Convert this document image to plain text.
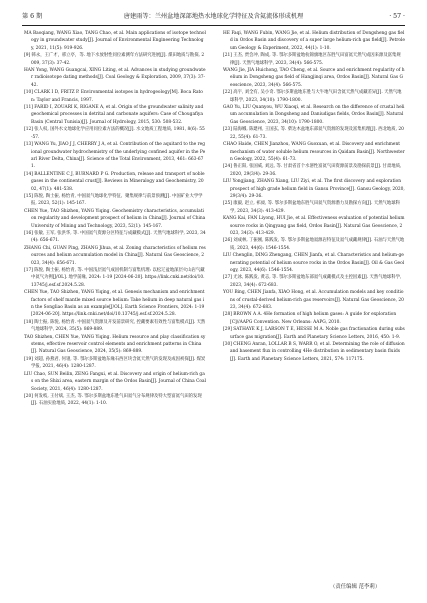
第 6 期	唐建雨等：兰州盆地深部地热水地球化学特征及含氦流体形成机理	· 57 ·

MA Baoqiang, WANG Xiao, TANG Chao, et al. Main applications of isotope technology in groundwater study[J]. Journal of Environmental Engineering Technology, 2021, 11(5): 919-926.

[9] 韩永，王广才，邢立亭，等. 地下水放射性同位素测年方法研究进展[J]. 煤田地质与勘探, 2009, 37(3): 37-42.

HAN Yong, WANG Guangcai, XING Liting, et al. Advances in studying groundwater radioisotope dating methods[J]. Coal Geology & Exploration, 2009, 37(3): 37-42.

[10] CLARK I D, FRITZ P. Environmental isotopes in hydrogeology[M]. Boca Raton: Taylor and Francis, 1997.

[11] FARID I, ZOUARI K, RIGANE A, et al. Origin of the groundwater salinity and geochemical processes in detrital and carbonate aquifers: Case of Chougafiya Basin (Central Tunisia)[J]. Journal of Hydrology, 2015, 530: 508-532.

[12] 张人权, 国外水文地球化学应用同位素方法的概况[J]. 水文地质工程地质, 1981, 8(6): 55-57.

[13] WANG Yu, JIAO J J, CHERRY J A, et al. Contribution of the aquitard to the regional groundwater hydrochemistry of the underlying confined aquifer in the Pearl River Delta, China[J]. Science of the Total Environment, 2013, 461: 663-671.

[14] BALLENTINE C J, BURNARD P G. Production, release and transport of noble gases in the continental crust[J]. Reviews in Mineralogy and Geochemistry, 2002, 47(1): 481-538.

[15] 陈悦, 陶士振, 杨怡青, 中国氦气地球化学特征、聚集规律与前景预测[J]. 中国矿业大学学报, 2023, 52(1): 145-167.

CHEN Yue, TAO Shizhen, YANG Yiqing. Geochemistry characteristics, accumulation regularity and development prospect of helium in China[J]. Journal of China University of Mining and Technology, 2023, 52(1): 145-167.

[16] 张敏, 王军, 张洪华, 等. 中国氦气资源分区特征与成藏模式[J]. 天然气地球科学, 2023, 34(4): 656-671.

ZHANG Chi, GUAN Ping, ZHANG Jihua, et al. Zoning characteristics of helium resources and helium accumulation model in China[J]. Natural Gas Geoscience, 2023, 34(4): 656-671.

[17] 陈悦, 陶士振, 杨怡青, 等. 中国浅层氦气成因机制与富集机理: 以松辽盆地深层火山岩气藏中氦气为例[J/OL]. 地学前缘, 2024: 1-19 [2024-06-20]. https://link.cnki.net/doi/10.13745/j.esf.sf.2024.5.28.

CHEN Yue, TAO Shizhen, YANG Yiqing, et al. Genesis mechanism and enrichment factors of shelf mantle mixed source helium: Take helium in deep natural gas in the Songliao Basin as an example[J/OL]. Earth Science Frontiers, 2024: 1-19 [2024-06-20]. https://link.cnki.net/doi/10.13745/j.esf.sf.2024.5.28.

[18] 陶士振, 陈悦, 杨怡青. 中国氦气资源及开发前景研究, 控藏要素有效性与富集模式[J]. 天然气地球科学, 2024, 35(5): 869-889.

TAO Shizhen, CHEN Yue, YANG Yiqing. Helium resource and play classification systems, effective reservoir control elements and enrichment patterns in China[J]. Natural Gas Geoscience, 2024, 35(5): 869-889.

[19] 刘超, 孙燕君, 何翎, 等. 鄂尔多斯盆地东缘石西区块含氦天然气的发现及成因初探[J]. 煤炭学报, 2021, 46(4): 1280-1287.

LIU Chao, SUN Beilin, ZENG Fangui, et al. Discovery and origin of helium-rich gas on the Shixi area, eastern margin of the Ordos Basin[J]. Journal of China Coal Society, 2021, 46(4): 1280-1287.

[20] 何发岐, 王付斌, 王杰, 等. 鄂尔多斯盆地东胜气田氦气分布规律及特大型富氦气田的发现[J]. 石油实验地质, 2022, 44(1): 1-10.

HE Faqi, WANG Fubin, WANG Jie, et al. Helium distribution of Dongsheng gas field in Ordos Basin and discovery of a super large helium-rich gas field[J]. Petroleum Geology & Experiment, 2022, 44(1): 1-10.

[21] 王杰, 贾会冲, 陶成, 等. 鄂尔多斯盆地杭锦旗地区东胜气田富氦天然气成因来源及富集规律[J]. 天然气地球科学, 2023, 34(4): 566-575.

WANG Jie, JIA Huichong, TAO Cheng, et al. Source and enrichment regularity of helium in Dongsheng gas field of Hangjinqi area, Ordos Basin[J]. Natural Gas Geoscience, 2023, 34(4): 566-575.

[22] 高宇, 刘全有, 吴小奇. 鄂尔多斯盆地东胜与大牛地气田含氦天然气成藏差异[J]. 天然气地球科学, 2023, 34(10): 1790-1800.

GAO Yu, LIU Quanyou, WU Xiaoqi, et al. Research on the difference of crustal helium accumulation in Dongsheng and Daniudigas fields, Ordos Basin[J]. Natural Gas Geoscience, 2023, 34(10): 1790-1800.

[23] 陆海娜, 陈建州, 王国玄, 等. 柴达木盆地东部氦气资源的发现及富集机理[J]. 西北地质, 2022, 55(4): 61-73.

CHAO Haide, CHEN Jianzhou, WANG Guoxuan, et al. Discovery and enrichment mechanism of water soluble helium resources in Qaidam Basin[J]. Northwestern Geology, 2022, 55(4): 61-73.

[24] 鲁正阳, 张国威, 刘远, 等. 甘肃省首个水溶性富氦气田资源前景及勘探前景[J]. 甘肃地质, 2020, 29(3/4): 29-36.

LIU Yongjiang, ZHANG Xiang, LIU Ziyi, et al. The first discovery and exploration prospect of high grade helium field in Gansu Province[J]. Gansu Geology, 2020, 29(3/4): 29-36.

[25] 康毅, 赵立, 祁昶, 等. 鄂尔多斯盆地东胜气田氦气资源潜力及勘探方向[J]. 天然气地球科学, 2023, 34(3): 413-429.

KANG Kai, FAN Liyong, HUI Jie, et al. Effectiveness evaluation of potential helium source rocks in Qingyang gas field, Ordos Basin[J]. Natural Gas Geoscience, 2023, 34(3): 413-429.

[26] 刘成林, 丁振刚, 陈践发, 等. 鄂尔多斯盆地氦源岩特征及氦气成藏规律[J]. 石油与天然气地质, 2023, 44(6): 1546-1554.

LIU Chenglin, DING Zhengang, CHEN Jianfa, et al. Characteristics and helium-generating potential of helium source rocks in the Ordos Basin[J]. Oil & Gas Geology, 2023, 44(6): 1546-1554.

[27] 尤冰, 陈践发, 黄志, 等. 鄂尔多斯盆地东部氦气成藏模式及主控因素[J]. 天然气地球科学, 2023, 34(4): 672-683.

YOU Bing, CHEN Jianfa, XIAO Hong, et al. Accumulation models and key conditions of crustal-derived helium-rich gas reservoirs[J]. Natural Gas Geoscience, 2023, 34(4): 672-683.

[28] BROWN A A. 4He formation of high helium gases: A guide for exploration[C]//AAPG Convention. New Orleans: AAPG, 2010.

[29] SATHAYE K J, LARSON T E, HESSE M A. Noble gas fractionation during subsurface gas migration[J]. Earth and Planetary Science Letters, 2016, 450: 1-9.

[30] CHENG Anran, LOLLAR B S, WARR O, et al. Determining the role of diffusion and basement flux in controlling 4He distribution in sedimentary basin fluids[J]. Earth and Planetary Science Letters, 2021, 574: 117175.

（责任编辑 范李莉）
